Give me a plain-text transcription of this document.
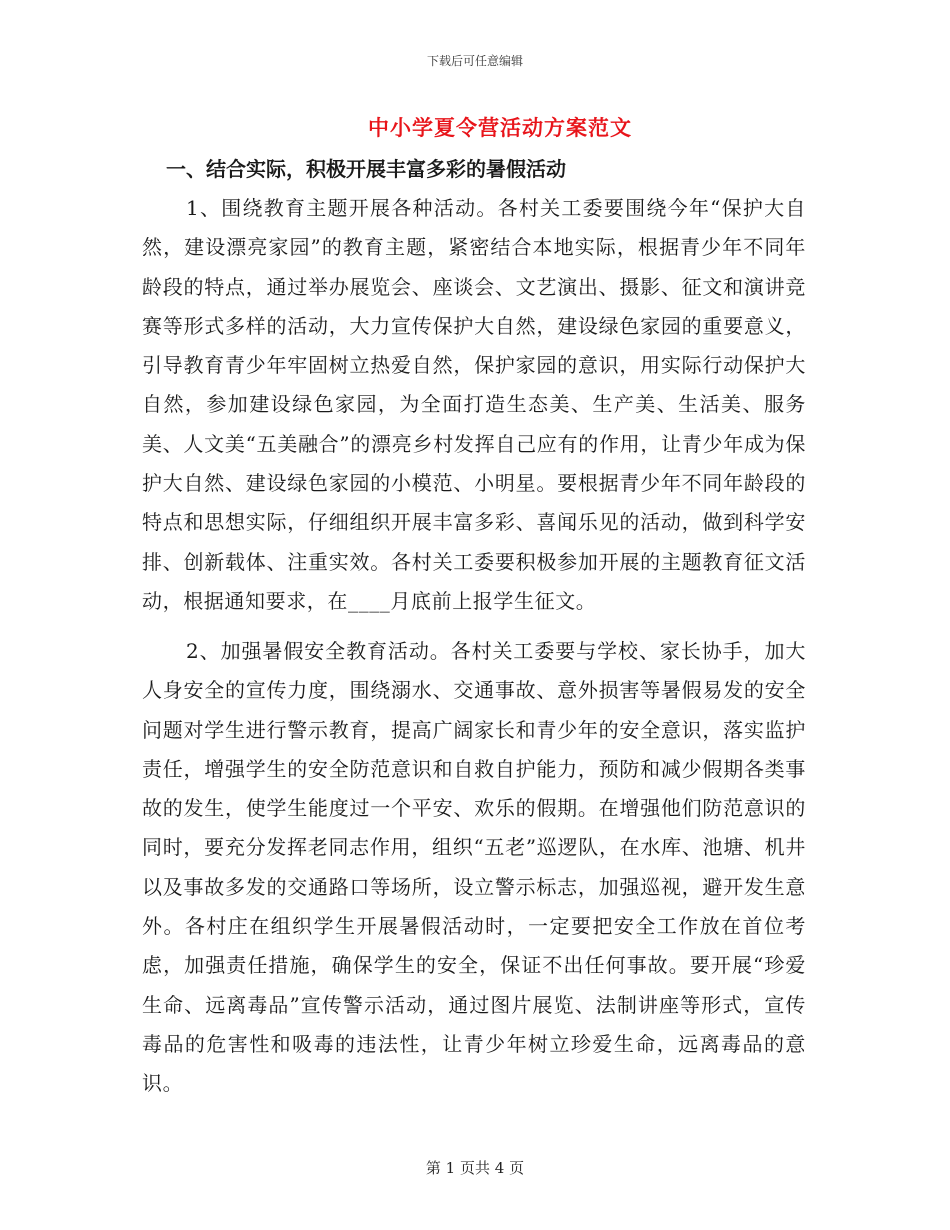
下载后可任意编辑
中小学夏令营活动方案范文
一、结合实际，积极开展丰富多彩的暑假活动

1、围绕教育主题开展各种活动。各村关工委要围绕今年“保护大自然，建设漂亮家园”的教育主题，紧密结合本地实际，根据青少年不同年龄段的特点，通过举办展览会、座谈会、文艺演出、摄影、征文和演讲竞赛等形式多样的活动，大力宣传保护大自然，建设绿色家园的重要意义，引导教育青少年牢固树立热爱自然，保护家园的意识，用实际行动保护大自然，参加建设绿色家园，为全面打造生态美、生产美、生活美、服务美、人文美“五美融合”的漂亮乡村发挥自己应有的作用，让青少年成为保护大自然、建设绿色家园的小模范、小明星。要根据青少年不同年龄段的特点和思想实际，仔细组织开展丰富多彩、喜闻乐见的活动，做到科学安排、创新载体、注重实效。各村关工委要积极参加开展的主题教育征文活动，根据通知要求，在____月底前上报学生征文。

2、加强暑假安全教育活动。各村关工委要与学校、家长协手，加大人身安全的宣传力度，围绕溺水、交通事故、意外损害等暑假易发的安全问题对学生进行警示教育，提高广阔家长和青少年的安全意识，落实监护责任，增强学生的安全防范意识和自救自护能力，预防和减少假期各类事故的发生，使学生能度过一个平安、欢乐的假期。在增强他们防范意识的同时，要充分发挥老同志作用，组织“五老”巡逻队，在水库、池塘、机井以及事故多发的交通路口等场所，设立警示标志，加强巡视，避开发生意外。各村庄在组织学生开展暑假活动时，一定要把安全工作放在首位考虑，加强责任措施，确保学生的安全，保证不出任何事故。要开展“珍爱生命、远离毒品”宣传警示活动，通过图片展览、法制讲座等形式，宣传毒品的危害性和吸毒的违法性，让青少年树立珍爱生命，远离毒品的意识。

第 1 页共 4 页
